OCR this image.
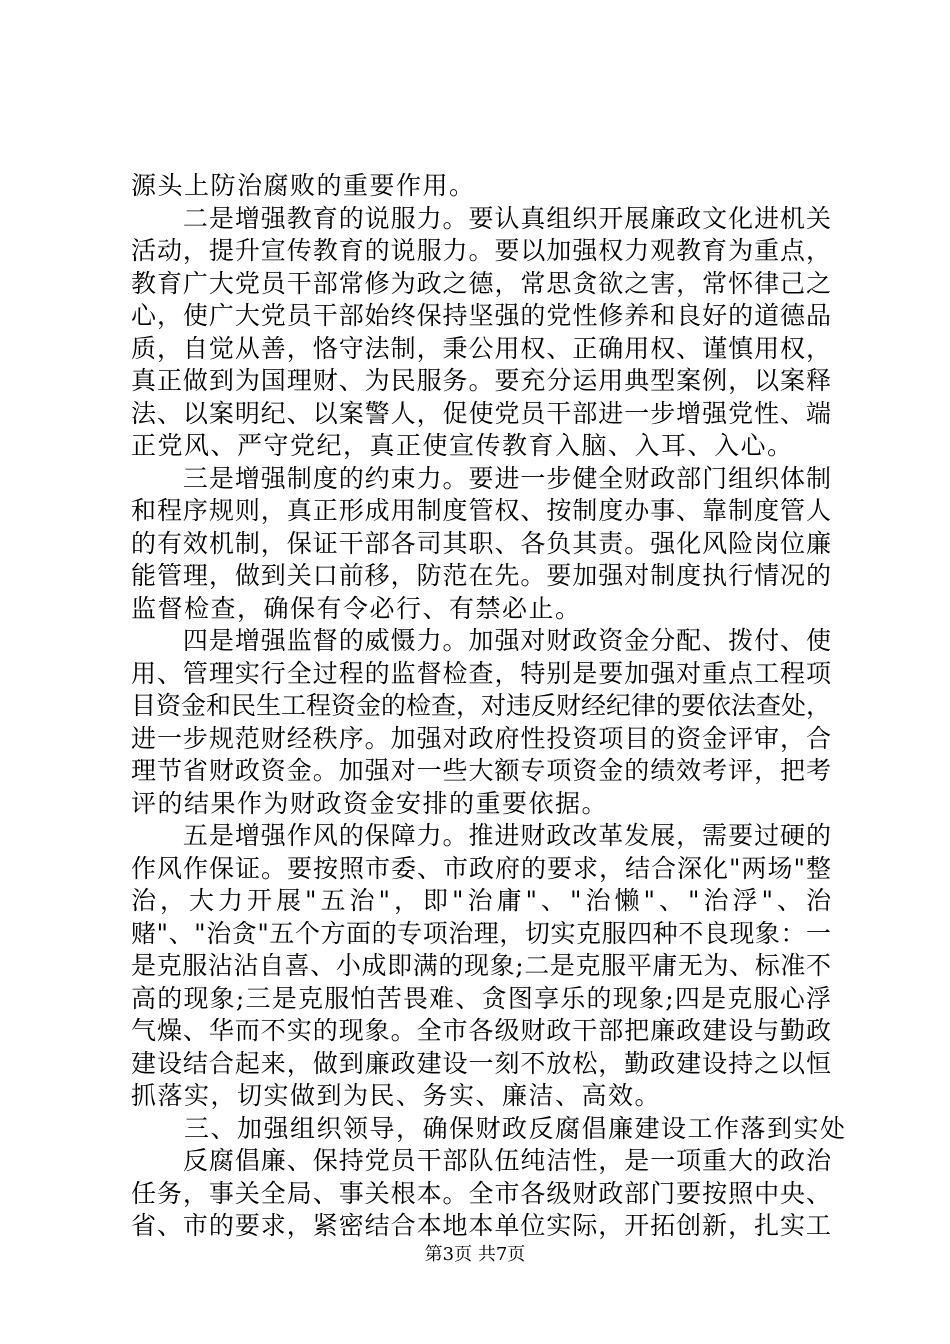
源头上防治腐败的重要作用。
　　二是增强教育的说服力。要认真组织开展廉政文化进机关
活动，提升宣传教育的说服力。要以加强权力观教育为重点，
教育广大党员干部常修为政之德，常思贪欲之害，常怀律己之
心，使广大党员干部始终保持坚强的党性修养和良好的道德品
质，自觉从善，恪守法制，秉公用权、正确用权、谨慎用权，
真正做到为国理财、为民服务。要充分运用典型案例，以案释
法、以案明纪、以案警人，促使党员干部进一步增强党性、端
正党风、严守党纪，真正使宣传教育入脑、入耳、入心。
　　三是增强制度的约束力。要进一步健全财政部门组织体制
和程序规则，真正形成用制度管权、按制度办事、靠制度管人
的有效机制，保证干部各司其职、各负其责。强化风险岗位廉
能管理，做到关口前移，防范在先。要加强对制度执行情况的
监督检查，确保有令必行、有禁必止。
　　四是增强监督的威慑力。加强对财政资金分配、拨付、使
用、管理实行全过程的监督检查，特别是要加强对重点工程项
目资金和民生工程资金的检查，对违反财经纪律的要依法查处，
进一步规范财经秩序。加强对政府性投资项目的资金评审，合
理节省财政资金。加强对一些大额专项资金的绩效考评，把考
评的结果作为财政资金安排的重要依据。
　　五是增强作风的保障力。推进财政改革发展，需要过硬的
作风作保证。要按照市委、市政府的要求，结合深化"两场"整
治，大力开展"五治"，即"治庸"、"治懒"、"治浮"、治
赌"、"治贪"五个方面的专项治理，切实克服四种不良现象：一
是克服沾沾自喜、小成即满的现象;二是克服平庸无为、标准不
高的现象;三是克服怕苦畏难、贪图享乐的现象;四是克服心浮
气燥、华而不实的现象。全市各级财政干部把廉政建设与勤政
建设结合起来，做到廉政建设一刻不放松，勤政建设持之以恒
抓落实，切实做到为民、务实、廉洁、高效。
　　三、加强组织领导，确保财政反腐倡廉建设工作落到实处
　　反腐倡廉、保持党员干部队伍纯洁性，是一项重大的政治
任务，事关全局、事关根本。全市各级财政部门要按照中央、
省、市的要求，紧密结合本地本单位实际，开拓创新，扎实工
第3页 共7页
